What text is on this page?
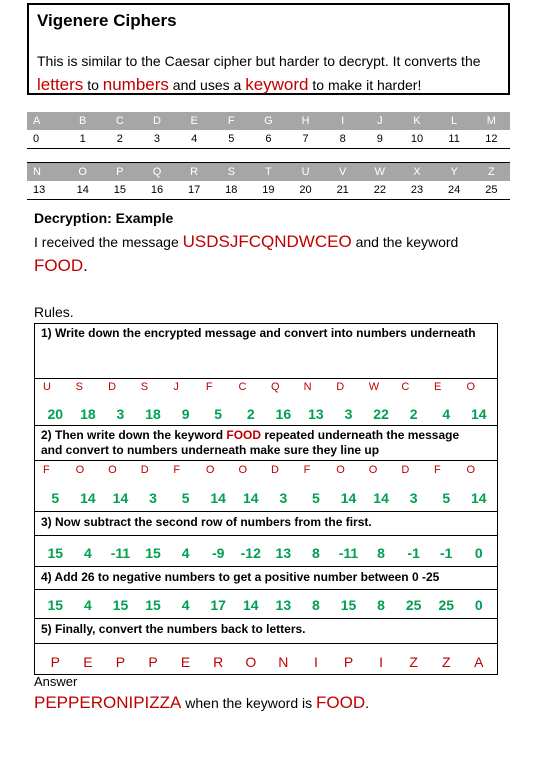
Vigenere Ciphers
This is similar to the Caesar cipher but harder to decrypt. It converts the
letters to numbers and uses a keyword to make it harder!
A	B	C	D	E	F	G	H	I	J	K	L	M
0	1	2	3	4	5	6	7	8	9	10	11	12
N	O	P	Q	R	S	T	U	V	W	X	Y	Z
13	14	15	16	17	18	19	20	21	22	23	24	25
Decryption: Example
I received the message USDSJFCQNDWCEO and the keyword
FOOD.
Rules.
1) Write down the encrypted message and convert into numbers underneath
U	S	D	S	J	F	C	Q	N	D	W	C	E	O
20	18	3	18	9	5	2	16	13	3	22	2	4	14
2) Then write down the keyword FOOD repeated underneath the message
and convert to numbers underneath make sure they line up
F	O	O	D	F	O	O	D	F	O	O	D	F	O
5	14	14	3	5	14	14	3	5	14	14	3	5	14
3) Now subtract the second row of numbers from the first.
15	4	-11	15	4	-9	-12	13	8	-11	8	-1	-1	0
4) Add 26 to negative numbers to get a positive number between 0 -25
15	4	15	15	4	17	14	13	8	15	8	25	25	0
5) Finally, convert the numbers back to letters.
P	E	P	P	E	R	O	N	I	P	I	Z	Z	A
Answer
PEPPERONIPIZZA when the keyword is FOOD.
